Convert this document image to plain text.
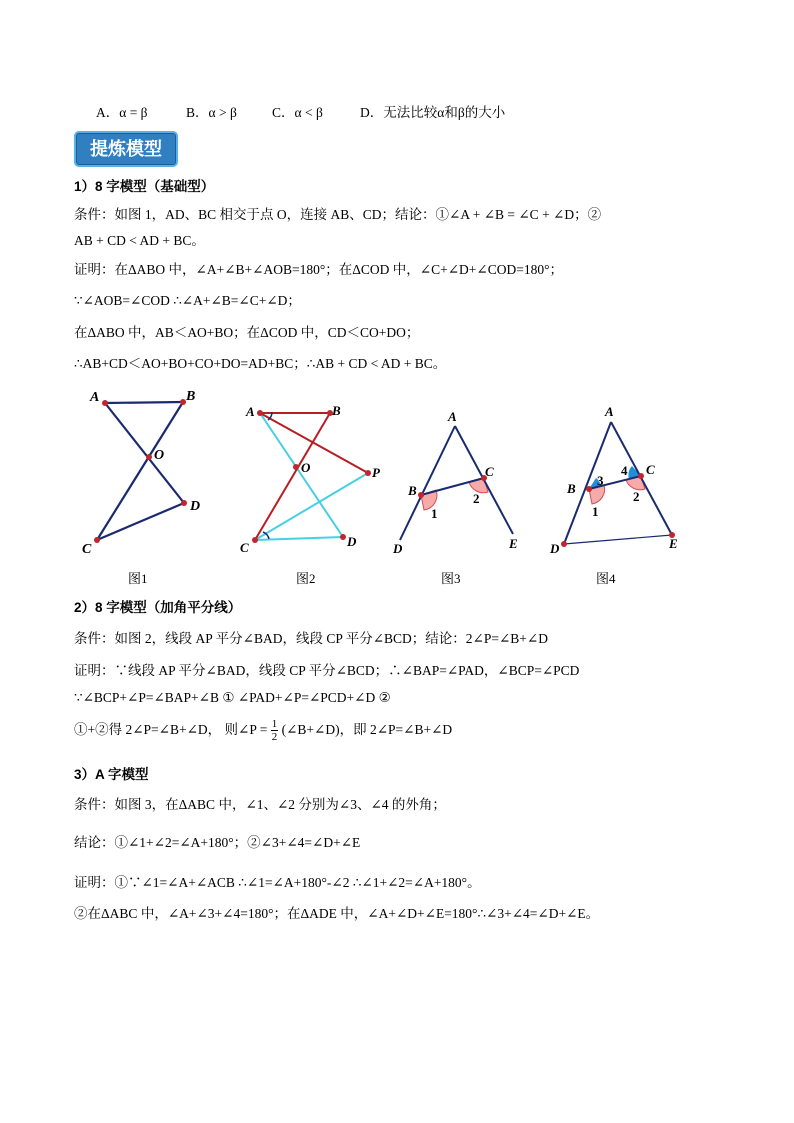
A．α = β	B．α > β	C．α < β	D．无法比较α和β的大小
提炼模型
1）8 字模型（基础型）
条件：如图 1，AD、BC 相交于点 O，连接 AB、CD；结论：①∠A + ∠B = ∠C + ∠D；②
AB + CD < AD + BC。
证明：在ΔABO 中，∠A+∠B+∠AOB=180°；在ΔCOD 中，∠C+∠D+∠COD=180°；
∵∠AOB=∠COD ∴∠A+∠B=∠C+∠D；
在ΔABO 中，AB＜AO+BO；在ΔCOD 中，CD＜CO+DO；
∴AB+CD＜AO+BO+CO+DO=AD+BC；∴AB + CD < AD + BC。
A	B
O
D
C
A	B
O	P
C	D
A
B
C
1
2
D	E
A
B
C
3
4
1
2
D	E
图1	图2	图3	图4
2）8 字模型（加角平分线）
条件：如图 2，线段 AP 平分∠BAD，线段 CP 平分∠BCD；结论：2∠P=∠B+∠D
证明：∵线段 AP 平分∠BAD，线段 CP 平分∠BCD；∴∠BAP=∠PAD，∠BCP=∠PCD
∵∠BCP+∠P=∠BAP+∠B ① ∠PAD+∠P=∠PCD+∠D ②
①+②得 2∠P=∠B+∠D， 则∠P = $\frac{1}{2}$ (∠B+∠D)，即 2∠P=∠B+∠D
3）A 字模型
条件：如图 3，在ΔABC 中，∠1、∠2 分别为∠3、∠4 的外角；
结论：①∠1+∠2=∠A+180°；②∠3+∠4=∠D+∠E
证明：①∵∠1=∠A+∠ACB ∴∠1=∠A+180°-∠2 ∴∠1+∠2=∠A+180°。
②在ΔABC 中，∠A+∠3+∠4=180°；在ΔADE 中，∠A+∠D+∠E=180°∴∠3+∠4=∠D+∠E。
